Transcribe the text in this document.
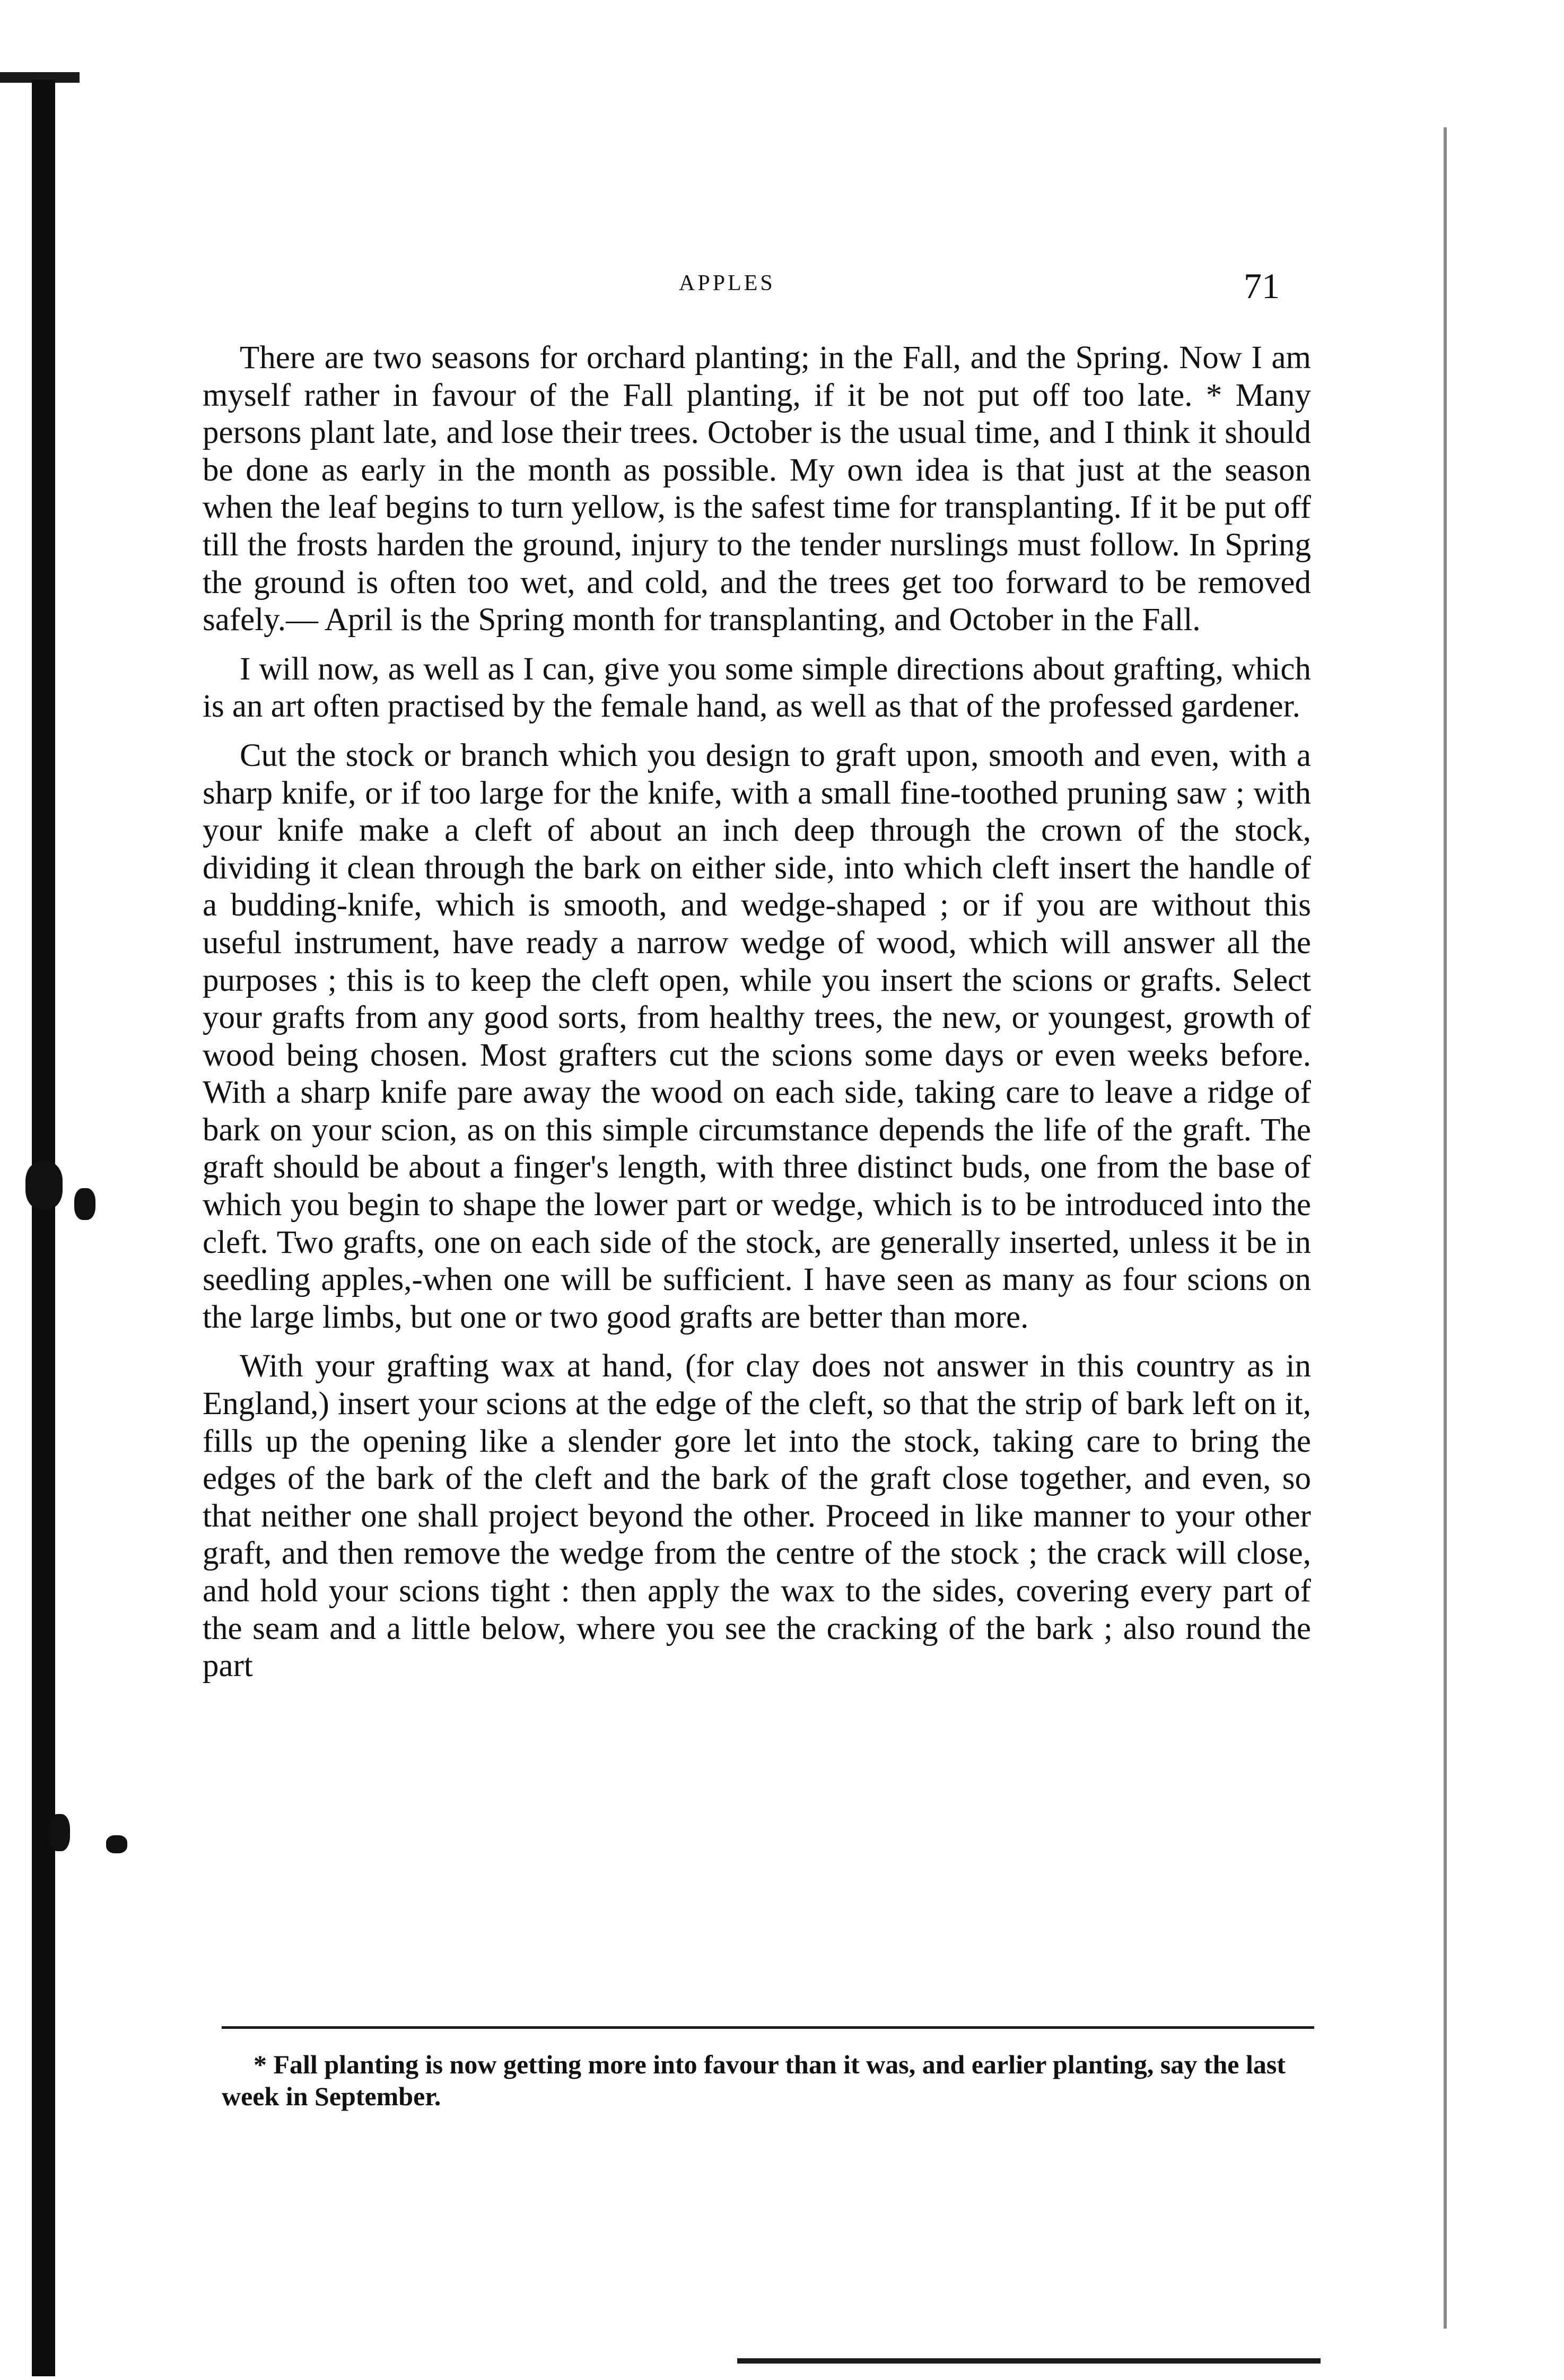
APPLES	71

There are two seasons for orchard planting; in the Fall, and the Spring. Now I am myself rather in favour of the Fall planting, if it be not put off too late. * Many persons plant late, and lose their trees. October is the usual time, and I think it should be done as early in the month as possible. My own idea is that just at the season when the leaf begins to turn yellow, is the safest time for transplanting. If it be put off till the frosts harden the ground, injury to the tender nurslings must follow. In Spring the ground is often too wet, and cold, and the trees get too forward to be removed safely.— April is the Spring month for transplanting, and October in the Fall.

I will now, as well as I can, give you some simple directions about grafting, which is an art often practised by the female hand, as well as that of the professed gardener.

Cut the stock or branch which you design to graft upon, smooth and even, with a sharp knife, or if too large for the knife, with a small fine-toothed pruning saw ; with your knife make a cleft of about an inch deep through the crown of the stock, dividing it clean through the bark on either side, into which cleft insert the handle of a budding-knife, which is smooth, and wedge-shaped ; or if you are without this useful instrument, have ready a narrow wedge of wood, which will answer all the purposes ; this is to keep the cleft open, while you insert the scions or grafts. Select your grafts from any good sorts, from healthy trees, the new, or youngest, growth of wood being chosen. Most grafters cut the scions some days or even weeks before. With a sharp knife pare away the wood on each side, taking care to leave a ridge of bark on your scion, as on this simple circumstance depends the life of the graft. The graft should be about a finger's length, with three distinct buds, one from the base of which you begin to shape the lower part or wedge, which is to be introduced into the cleft. Two grafts, one on each side of the stock, are generally inserted, unless it be in seedling apples,-when one will be sufficient. I have seen as many as four scions on the large limbs, but one or two good grafts are better than more.

With your grafting wax at hand, (for clay does not answer in this country as in England,) insert your scions at the edge of the cleft, so that the strip of bark left on it, fills up the opening like a slender gore let into the stock, taking care to bring the edges of the bark of the cleft and the bark of the graft close together, and even, so that neither one shall project beyond the other. Proceed in like manner to your other graft, and then remove the wedge from the centre of the stock ; the crack will close, and hold your scions tight : then apply the wax to the sides, covering every part of the seam and a little below, where you see the cracking of the bark ; also round the part

* Fall planting is now getting more into favour than it was, and earlier planting, say the last week in September.
